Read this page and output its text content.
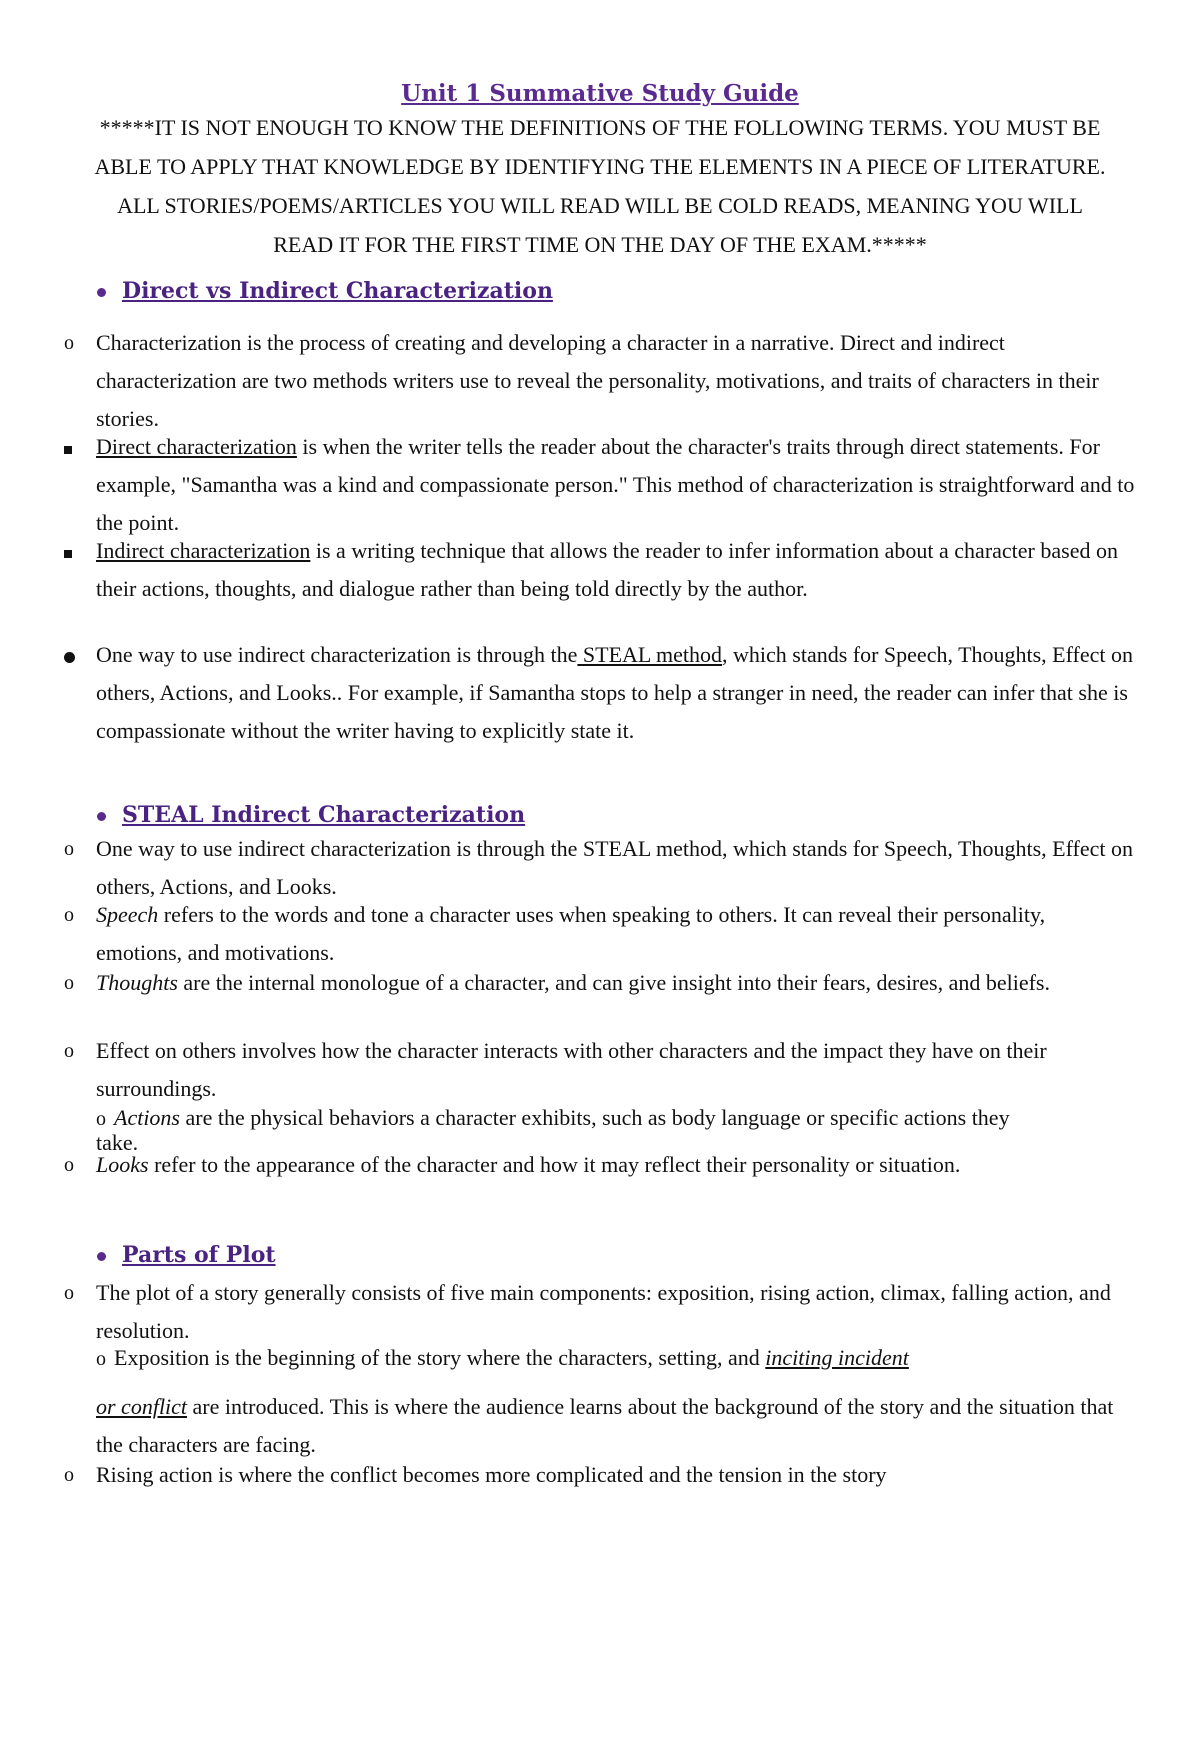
Unit 1 Summative Study Guide
*****IT IS NOT ENOUGH TO KNOW THE DEFINITIONS OF THE FOLLOWING TERMS. YOU MUST BE ABLE TO APPLY THAT KNOWLEDGE BY IDENTIFYING THE ELEMENTS IN A PIECE OF LITERATURE. ALL STORIES/POEMS/ARTICLES YOU WILL READ WILL BE COLD READS, MEANING YOU WILL READ IT FOR THE FIRST TIME ON THE DAY OF THE EXAM.*****
Direct vs Indirect Characterization
o Characterization is the process of creating and developing a character in a narrative. Direct and indirect characterization are two methods writers use to reveal the personality, motivations, and traits of characters in their stories.
Direct characterization is when the writer tells the reader about the character's traits through direct statements. For example, "Samantha was a kind and compassionate person." This method of characterization is straightforward and to the point.
Indirect characterization is a writing technique that allows the reader to infer information about a character based on their actions, thoughts, and dialogue rather than being told directly by the author.
One way to use indirect characterization is through the STEAL method, which stands for Speech, Thoughts, Effect on others, Actions, and Looks.. For example, if Samantha stops to help a stranger in need, the reader can infer that she is compassionate without the writer having to explicitly state it.
STEAL Indirect Characterization
o One way to use indirect characterization is through the STEAL method, which stands for Speech, Thoughts, Effect on others, Actions, and Looks.
o Speech refers to the words and tone a character uses when speaking to others. It can reveal their personality, emotions, and motivations.
o Thoughts are the internal monologue of a character, and can give insight into their fears, desires, and beliefs.
o Effect on others involves how the character interacts with other characters and the impact they have on their surroundings.
o Actions are the physical behaviors a character exhibits, such as body language or specific actions they take.
o Looks refer to the appearance of the character and how it may reflect their personality or situation.
Parts of Plot
o The plot of a story generally consists of five main components: exposition, rising action, climax, falling action, and resolution.
o Exposition is the beginning of the story where the characters, setting, and inciting incident
or conflict are introduced. This is where the audience learns about the background of the story and the situation that the characters are facing.
o Rising action is where the conflict becomes more complicated and the tension in the story
